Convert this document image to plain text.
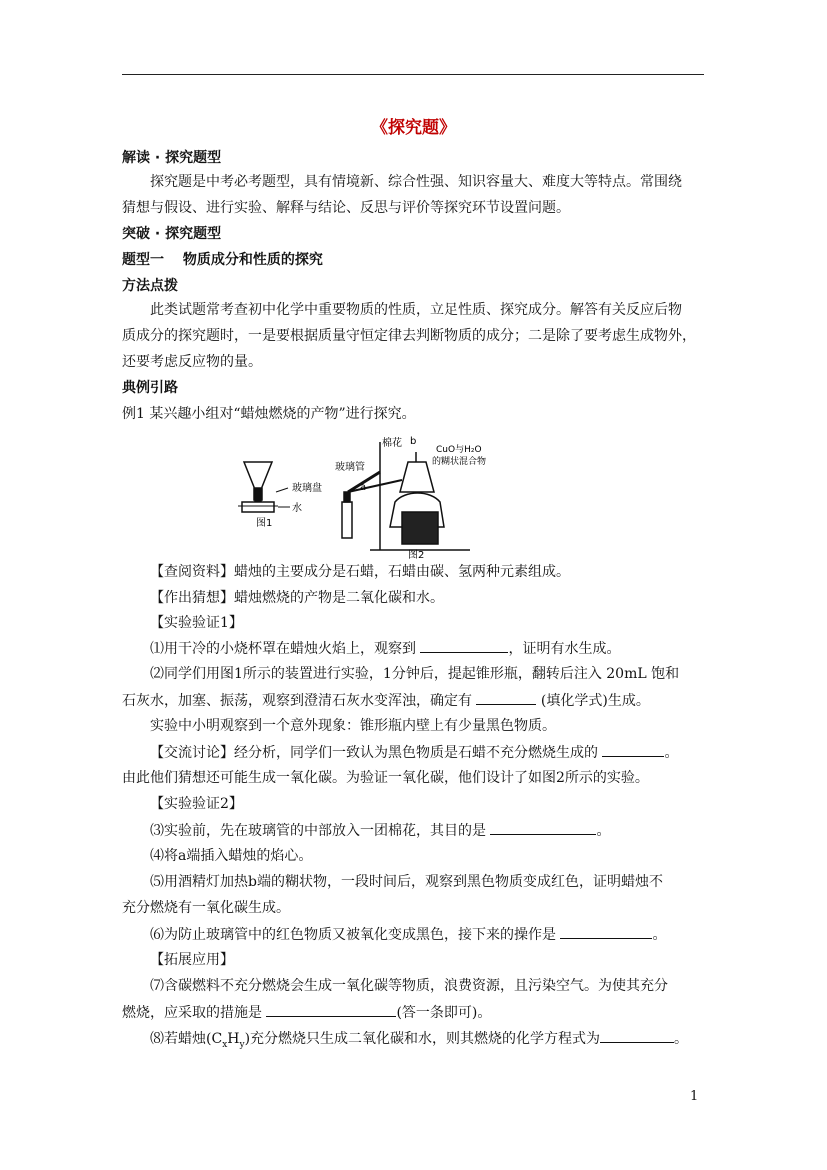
《探究题》
解读 · 探究题型
探究题是中考必考题型，具有情境新、综合性强、知识容量大、难度大等特点。常围绕
猜想与假设、进行实验、解释与结论、反思与评价等探究环节设置问题。
突破 · 探究题型
题型一　 物质成分和性质的探究
方法点拨
此类试题常考查初中化学中重要物质的性质，立足性质、探究成分。解答有关反应后物
质成分的探究题时，一是要根据质量守恒定律去判断物质的成分；二是除了要考虑生成物外，
还要考虑反应物的量。
典例引路
例1 某兴趣小组对“蜡烛燃烧的产物”进行探究。
玻璃盘
水
图1
棉花 b
玻璃管
a
CuO与H₂O
的糊状混合物
图2
【查阅资料】蜡烛的主要成分是石蜡，石蜡由碳、氢两种元素组成。
【作出猜想】蜡烛燃烧的产物是二氧化碳和水。
【实验验证1】
⑴用干冷的小烧杯罩在蜡烛火焰上，观察到	，证明有水生成。
⑵同学们用图1所示的装置进行实验，1分钟后，提起锥形瓶，翻转后注入 20mL 饱和
石灰水，加塞、振荡，观察到澄清石灰水变浑浊，确定有	(填化学式)生成。
实验中小明观察到一个意外现象：锥形瓶内壁上有少量黑色物质。
【交流讨论】经分析，同学们一致认为黑色物质是石蜡不充分燃烧生成的	。
由此他们猜想还可能生成一氧化碳。为验证一氧化碳，他们设计了如图2所示的实验。
【实验验证2】
⑶实验前，先在玻璃管的中部放入一团棉花，其目的是	。
⑷将a端插入蜡烛的焰心。
⑸用酒精灯加热b端的糊状物，一段时间后，观察到黑色物质变成红色，证明蜡烛不
充分燃烧有一氧化碳生成。
⑹为防止玻璃管中的红色物质又被氧化变成黑色，接下来的操作是	。
【拓展应用】
⑺含碳燃料不充分燃烧会生成一氧化碳等物质，浪费资源，且污染空气。为使其充分
燃烧，应采取的措施是	(答一条即可)。
⑻若蜡烛$(C_xH_y)$充分燃烧只生成二氧化碳和水，则其燃烧的化学方程式为	。
1
